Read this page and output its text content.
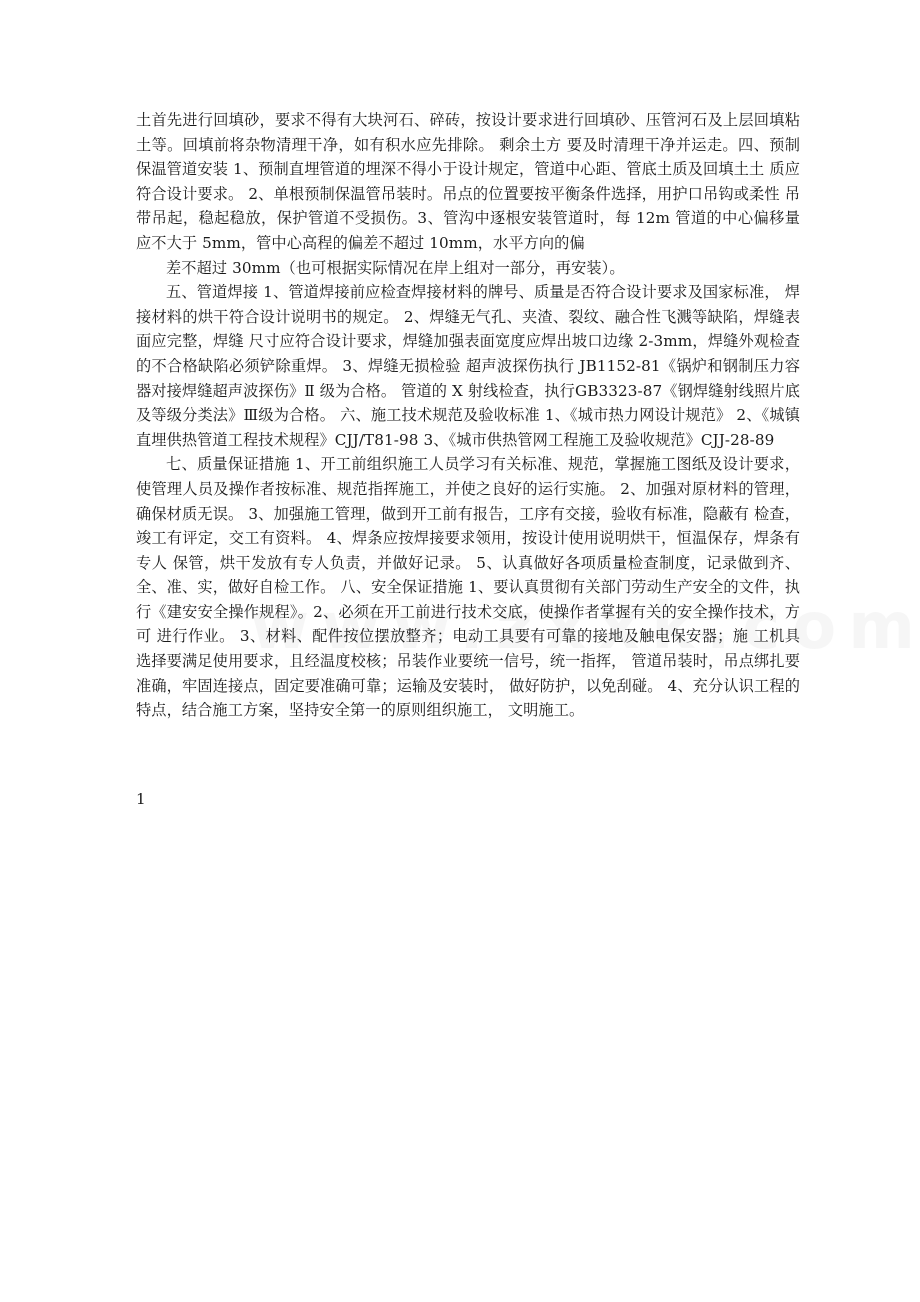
土首先进行回填砂，要求不得有大块河石、碎砖，按设计要求进行回填砂、压管河石及上层回填粘土等。回填前将杂物清理干净，如有积水应先排除。 剩余土方 要及时清理干净并运走。四、预制保温管道安装 1、预制直埋管道的埋深不得小于设计规定，管道中心距、管底土质及回填土土 质应符合设计要求。 2、单根预制保温管吊装时。吊点的位置要按平衡条件选择，用护口吊钩或柔性 吊带吊起，稳起稳放，保护管道不受损伤。3、管沟中逐根安装管道时，每 12m 管道的中心偏移量应不大于 5mm，管中心高程的偏差不超过 10mm，水平方向的偏

差不超过 30mm（也可根据实际情况在岸上组对一部分，再安装）。

五、管道焊接 1、管道焊接前应检查焊接材料的牌号、质量是否符合设计要求及国家标准， 焊接材料的烘干符合设计说明书的规定。 2、焊缝无气孔、夹渣、裂纹、融合性飞溅等缺陷，焊缝表面应完整，焊缝 尺寸应符合设计要求，焊缝加强表面宽度应焊出坡口边缘 2-3mm，焊缝外观检查 的不合格缺陷必须铲除重焊。 3、焊缝无损检验 超声波探伤执行 JB1152-81《锅炉和钢制压力容器对接焊缝超声波探伤》Ⅱ 级为合格。 管道的 X 射线检查，执行GB3323-87《钢焊缝射线照片底及等级分类法》Ⅲ级为合格。 六、施工技术规范及验收标准 1、《城市热力网设计规范》 2、《城镇直埋供热管道工程技术规程》CJJ/T81-98 3、《城市供热管网工程施工及验收规范》CJJ-28-89

七、质量保证措施 1、开工前组织施工人员学习有关标准、规范，掌握施工图纸及设计要求， 使管理人员及操作者按标准、规范指挥施工，并使之良好的运行实施。 2、加强对原材料的管理，确保材质无误。 3、加强施工管理，做到开工前有报告，工序有交接，验收有标准，隐蔽有 检查，竣工有评定，交工有资料。 4、焊条应按焊接要求领用，按设计使用说明烘干，恒温保存，焊条有专人 保管，烘干发放有专人负责，并做好记录。 5、认真做好各项质量检查制度，记录做到齐、全、准、实，做好自检工作。 八、安全保证措施 1、要认真贯彻有关部门劳动生产安全的文件，执行《建安安全操作规程》。2、必须在开工前进行技术交底，使操作者掌握有关的安全操作技术，方可 进行作业。 3、材料、配件按位摆放整齐；电动工具要有可靠的接地及触电保安器；施 工机具选择要满足使用要求，且经温度校核；吊装作业要统一信号，统一指挥， 管道吊装时，吊点绑扎要准确，牢固连接点，固定要准确可靠；运输及安装时， 做好防护，以免刮碰。 4、充分认识工程的特点，结合施工方案，坚持安全第一的原则组织施工， 文明施工。

1
